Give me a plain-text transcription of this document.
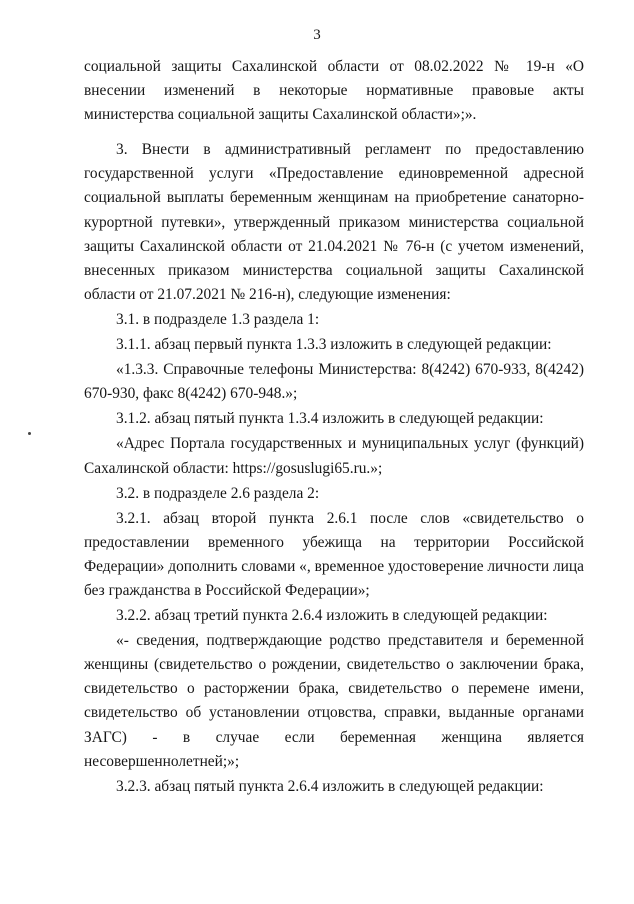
3

социальной защиты Сахалинской области от 08.02.2022 № 19-н «О внесении изменений в некоторые нормативные правовые акты министерства социальной защиты Сахалинской области»;».

3. Внести в административный регламент по предоставлению государственной услуги «Предоставление единовременной адресной социальной выплаты беременным женщинам на приобретение санаторно-курортной путевки», утвержденный приказом министерства социальной защиты Сахалинской области от 21.04.2021 № 76-н (с учетом изменений, внесенных приказом министерства социальной защиты Сахалинской области от 21.07.2021 № 216-н), следующие изменения:

3.1. в подразделе 1.3 раздела 1:

3.1.1. абзац первый пункта 1.3.3 изложить в следующей редакции:

«1.3.3. Справочные телефоны Министерства: 8(4242) 670-933, 8(4242) 670-930, факс 8(4242) 670-948.»;

3.1.2. абзац пятый пункта 1.3.4 изложить в следующей редакции:

«Адрес Портала государственных и муниципальных услуг (функций) Сахалинской области: https://gosuslugi65.ru.»;

3.2. в подразделе 2.6 раздела 2:

3.2.1. абзац второй пункта 2.6.1 после слов «свидетельство о предоставлении временного убежища на территории Российской Федерации» дополнить словами «, временное удостоверение личности лица без гражданства в Российской Федерации»;

3.2.2. абзац третий пункта 2.6.4 изложить в следующей редакции:

«- сведения, подтверждающие родство представителя и беременной женщины (свидетельство о рождении, свидетельство о заключении брака, свидетельство о расторжении брака, свидетельство о перемене имени, свидетельство об установлении отцовства, справки, выданные органами ЗАГС) - в случае если беременная женщина является несовершеннолетней;»;

3.2.3. абзац пятый пункта 2.6.4 изложить в следующей редакции:
